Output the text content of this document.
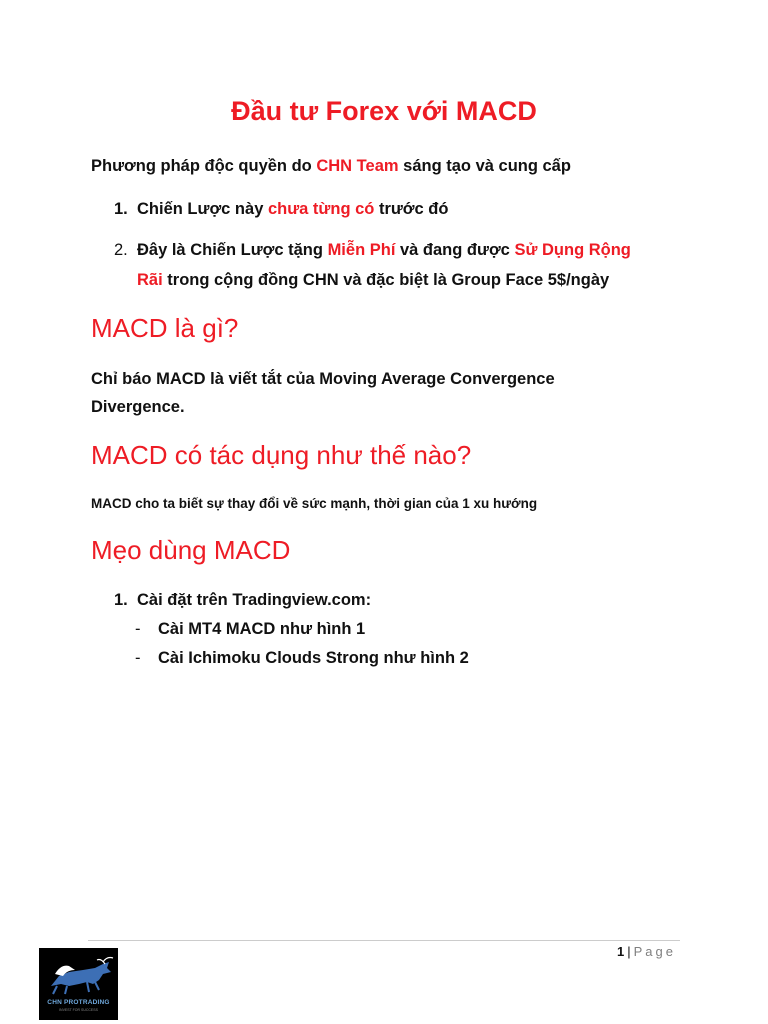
Đầu tư Forex với MACD

Phương pháp độc quyền do CHN Team sáng tạo và cung cấp

1. Chiến Lược này chưa từng có trước đó

2. Đây là Chiến Lược tặng Miễn Phí và đang được Sử Dụng Rộng

Rãi trong cộng đồng CHN và đặc biệt là Group Face 5$/ngày

MACD là gì?

Chỉ báo MACD là viết tắt của Moving Average Convergence

Divergence.

MACD có tác dụng như thế nào?

MACD cho ta biết sự thay đổi về sức mạnh, thời gian của 1 xu hướng

Mẹo dùng MACD
1. Cài đặt trên Tradingview.com:

- Cài MT4 MACD như hình 1

- Cài Ichimoku Clouds Strong như hình 2

1 | Page
CHN PROTRADING
INVEST FOR SUCCESS
